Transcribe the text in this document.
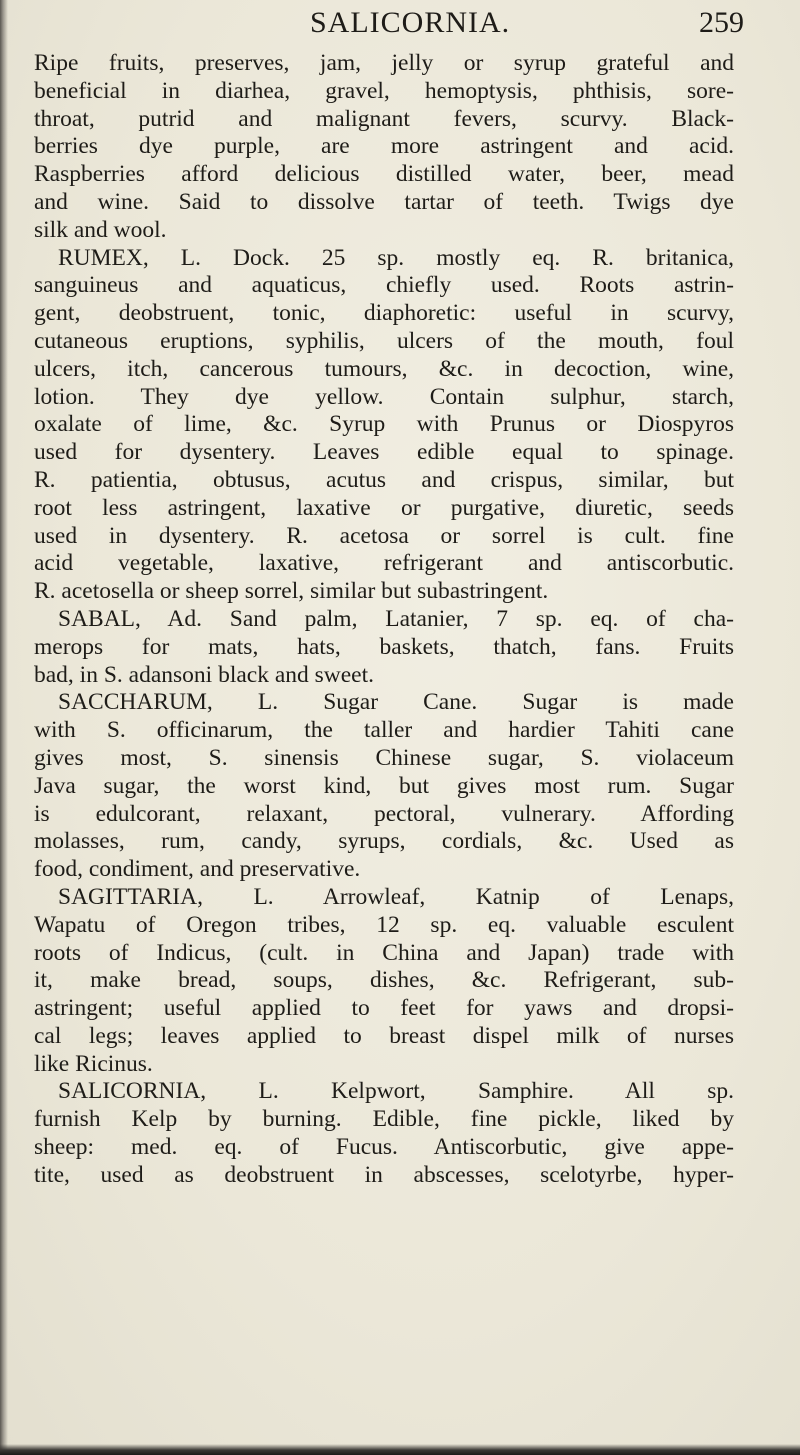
SALICORNIA.	259
Ripe fruits, preserves, jam, jelly or syrup grateful and
beneficial in diarhea, gravel, hemoptysis, phthisis, sore-
throat, putrid and malignant fevers, scurvy. Black-
berries dye purple, are more astringent and acid.
Raspberries afford delicious distilled water, beer, mead
and wine. Said to dissolve tartar of teeth. Twigs dye
silk and wool.
RUMEX, L. Dock. 25 sp. mostly eq. R. britanica,
sanguineus and aquaticus, chiefly used. Roots astrin-
gent, deobstruent, tonic, diaphoretic: useful in scurvy,
cutaneous eruptions, syphilis, ulcers of the mouth, foul
ulcers, itch, cancerous tumours, &c. in decoction, wine,
lotion. They dye yellow. Contain sulphur, starch,
oxalate of lime, &c. Syrup with Prunus or Diospyros
used for dysentery. Leaves edible equal to spinage.
R. patientia, obtusus, acutus and crispus, similar, but
root less astringent, laxative or purgative, diuretic, seeds
used in dysentery. R. acetosa or sorrel is cult. fine
acid vegetable, laxative, refrigerant and antiscorbutic.
R. acetosella or sheep sorrel, similar but subastringent.
SABAL, Ad. Sand palm, Latanier, 7 sp. eq. of cha-
merops for mats, hats, baskets, thatch, fans. Fruits
bad, in S. adansoni black and sweet.
SACCHARUM, L. Sugar Cane. Sugar is made
with S. officinarum, the taller and hardier Tahiti cane
gives most, S. sinensis Chinese sugar, S. violaceum
Java sugar, the worst kind, but gives most rum. Sugar
is edulcorant, relaxant, pectoral, vulnerary. Affording
molasses, rum, candy, syrups, cordials, &c. Used as
food, condiment, and preservative.
SAGITTARIA, L. Arrowleaf, Katnip of Lenaps,
Wapatu of Oregon tribes, 12 sp. eq. valuable esculent
roots of Indicus, (cult. in China and Japan) trade with
it, make bread, soups, dishes, &c. Refrigerant, sub-
astringent; useful applied to feet for yaws and dropsi-
cal legs; leaves applied to breast dispel milk of nurses
like Ricinus.
SALICORNIA, L. Kelpwort, Samphire. All sp.
furnish Kelp by burning. Edible, fine pickle, liked by
sheep: med. eq. of Fucus. Antiscorbutic, give appe-
tite, used as deobstruent in abscesses, scelotyrbe, hyper-
